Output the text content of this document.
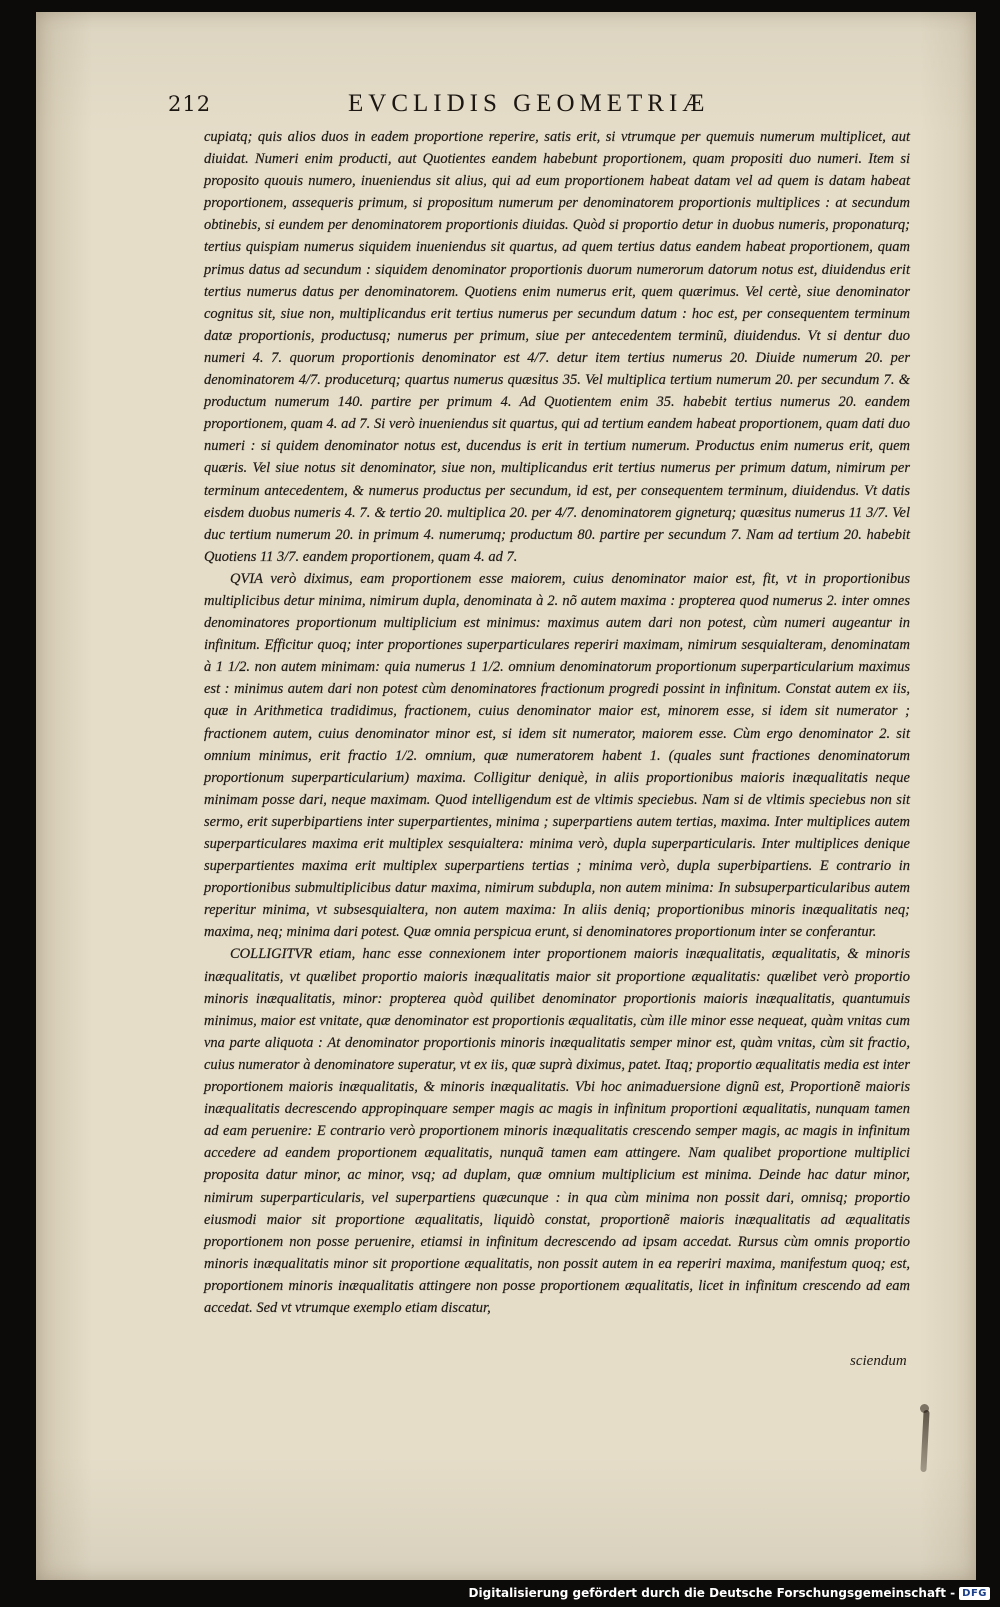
212	EVCLIDIS GEOMETRIÆ

cupiatq; quis alios duos in eadem proportione reperire, satis erit, si vtrumque per quemuis numerum multiplicet, aut diuidat. Numeri enim producti, aut Quotientes eandem habebunt proportionem, quam propositi duo numeri. Item si proposito quouis numero, inueniendus sit alius, qui ad eum proportionem habeat datam vel ad quem is datam habeat proportionem, assequeris primum, si propositum numerum per denominatorem proportionis multiplices : at secundum obtinebis, si eundem per denominatorem proportionis diuidas. Quòd si proportio detur in duobus numeris, proponaturq; tertius quispiam numerus siquidem inueniendus sit quartus, ad quem tertius datus eandem habeat proportionem, quam primus datus ad secundum : siquidem denominator proportionis duorum numerorum datorum notus est, diuidendus erit tertius numerus datus per denominatorem. Quotiens enim numerus erit, quem quærimus. Vel certè, siue denominator cognitus sit, siue non, multiplicandus erit tertius numerus per secundum datum : hoc est, per consequentem terminum datæ proportionis, productusq; numerus per primum, siue per antecedentem terminũ, diuidendus. Vt si dentur duo numeri 4. 7. quorum proportionis denominator est 4/7. detur item tertius numerus 20. Diuide numerum 20. per denominatorem 4/7. produceturq; quartus numerus quæsitus 35. Vel multiplica tertium numerum 20. per secundum 7. & productum numerum 140. partire per primum 4. Ad Quotientem enim 35. habebit tertius numerus 20. eandem proportionem, quam 4. ad 7. Si verò inueniendus sit quartus, qui ad tertium eandem habeat proportionem, quam dati duo numeri : si quidem denominator notus est, ducendus is erit in tertium numerum. Productus enim numerus erit, quem quæris. Vel siue notus sit denominator, siue non, multiplicandus erit tertius numerus per primum datum, nimirum per terminum antecedentem, & numerus productus per secundum, id est, per consequentem terminum, diuidendus. Vt datis eisdem duobus numeris 4. 7. & tertio 20. multiplica 20. per 4/7. denominatorem gigneturq; quæsitus numerus 11 3/7. Vel duc tertium numerum 20. in primum 4. numerumq; productum 80. partire per secundum 7. Nam ad tertium 20. habebit Quotiens 11 3/7. eandem proportionem, quam 4. ad 7.

QVIA verò diximus, eam proportionem esse maiorem, cuius denominator maior est, fit, vt in proportionibus multiplicibus detur minima, nimirum dupla, denominata à 2. nõ autem maxima : propterea quod numerus 2. inter omnes denominatores proportionum multiplicium est minimus: maximus autem dari non potest, cùm numeri augeantur in infinitum. Efficitur quoq; inter proportiones superparticulares reperiri maximam, nimirum sesquialteram, denominatam à 1 1/2. non autem minimam: quia numerus 1 1/2. omnium denominatorum proportionum superparticularium maximus est : minimus autem dari non potest cùm denominatores fractionum progredi possint in infinitum. Constat autem ex iis, quæ in Arithmetica tradidimus, fractionem, cuius denominator maior est, minorem esse, si idem sit numerator ; fractionem autem, cuius denominator minor est, si idem sit numerator, maiorem esse. Cùm ergo denominator 2. sit omnium minimus, erit fractio 1/2. omnium, quæ numeratorem habent 1. (quales sunt fractiones denominatorum proportionum superparticularium) maxima. Colligitur deniquè, in aliis proportionibus maioris inæqualitatis neque minimam posse dari, neque maximam. Quod intelligendum est de vltimis speciebus. Nam si de vltimis speciebus non sit sermo, erit superbipartiens inter superpartientes, minima ; superpartiens autem tertias, maxima. Inter multiplices autem superparticulares maxima erit multiplex sesquialtera: minima verò, dupla superparticularis. Inter multiplices denique superpartientes maxima erit multiplex superpartiens tertias ; minima verò, dupla superbipartiens. E contrario in proportionibus submultiplicibus datur maxima, nimirum subdupla, non autem minima: In subsuperparticularibus autem reperitur minima, vt subsesquialtera, non autem maxima: In aliis deniq; proportionibus minoris inæqualitatis neq; maxima, neq; minima dari potest. Quæ omnia perspicua erunt, si denominatores proportionum inter se conferantur.

COLLIGITVR etiam, hanc esse connexionem inter proportionem maioris inæqualitatis, æqualitatis, & minoris inæqualitatis, vt quælibet proportio maioris inæqualitatis maior sit proportione æqualitatis: quælibet verò proportio minoris inæqualitatis, minor: propterea quòd quilibet denominator proportionis maioris inæqualitatis, quantumuis minimus, maior est vnitate, quæ denominator est proportionis æqualitatis, cùm ille minor esse nequeat, quàm vnitas cum vna parte aliquota : At denominator proportionis minoris inæqualitatis semper minor est, quàm vnitas, cùm sit fractio, cuius numerator à denominatore superatur, vt ex iis, quæ suprà diximus, patet. Itaq; proportio æqualitatis media est inter proportionem maioris inæqualitatis, & minoris inæqualitatis. Vbi hoc animaduersione dignũ est, Proportionẽ maioris inæqualitatis decrescendo appropinquare semper magis ac magis in infinitum proportioni æqualitatis, nunquam tamen ad eam peruenire: E contrario verò proportionem minoris inæqualitatis crescendo semper magis, ac magis in infinitum accedere ad eandem proportionem æqualitatis, nunquã tamen eam attingere. Nam qualibet proportione multiplici proposita datur minor, ac minor, vsq; ad duplam, quæ omnium multiplicium est minima. Deinde hac datur minor, nimirum superparticularis, vel superpartiens quæcunque : in qua cùm minima non possit dari, omnisq; proportio eiusmodi maior sit proportione æqualitatis, liquidò constat, proportionẽ maioris inæqualitatis ad æqualitatis proportionem non posse peruenire, etiamsi in infinitum decrescendo ad ipsam accedat. Rursus cùm omnis proportio minoris inæqualitatis minor sit proportione æqualitatis, non possit autem in ea reperiri maxima, manifestum quoq; est, proportionem minoris inæqualitatis attingere non posse proportionem æqualitatis, licet in infinitum crescendo ad eam accedat. Sed vt vtrumque exemplo etiam discatur,

sciendum
Digitalisierung gefördert durch die Deutsche Forschungsgemeinschaft - DFG
